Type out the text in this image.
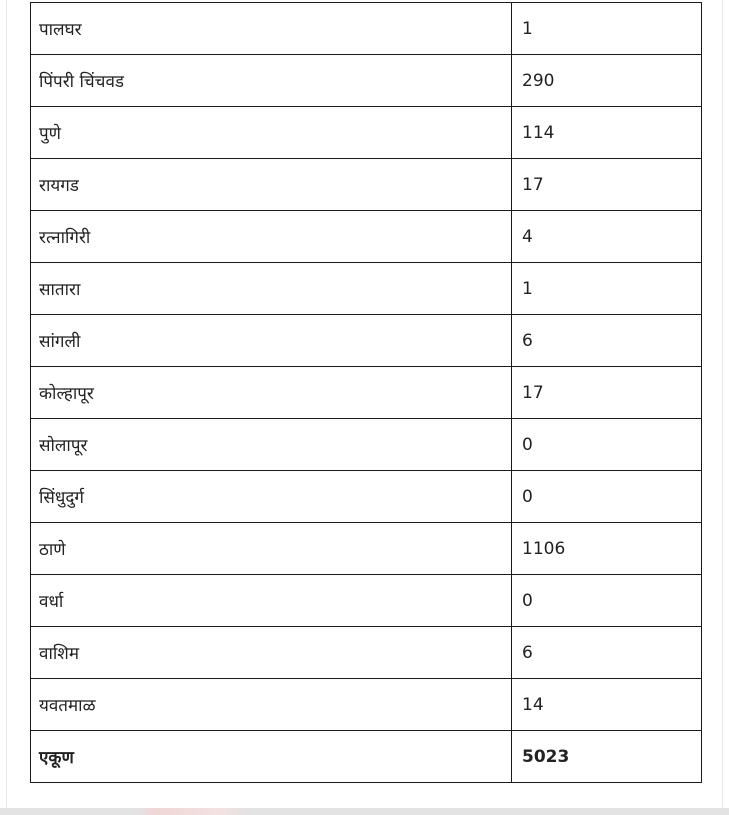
पालघर	1
पिंपरी चिंचवड	290
पुणे	114
रायगड	17
रत्नागिरी	4
सातारा	1
सांगली	6
कोल्हापूर	17
सोलापूर	0
सिंधुदुर्ग	0
ठाणे	1106
वर्धा	0
वाशिम	6
यवतमाळ	14
एकूण	5023
